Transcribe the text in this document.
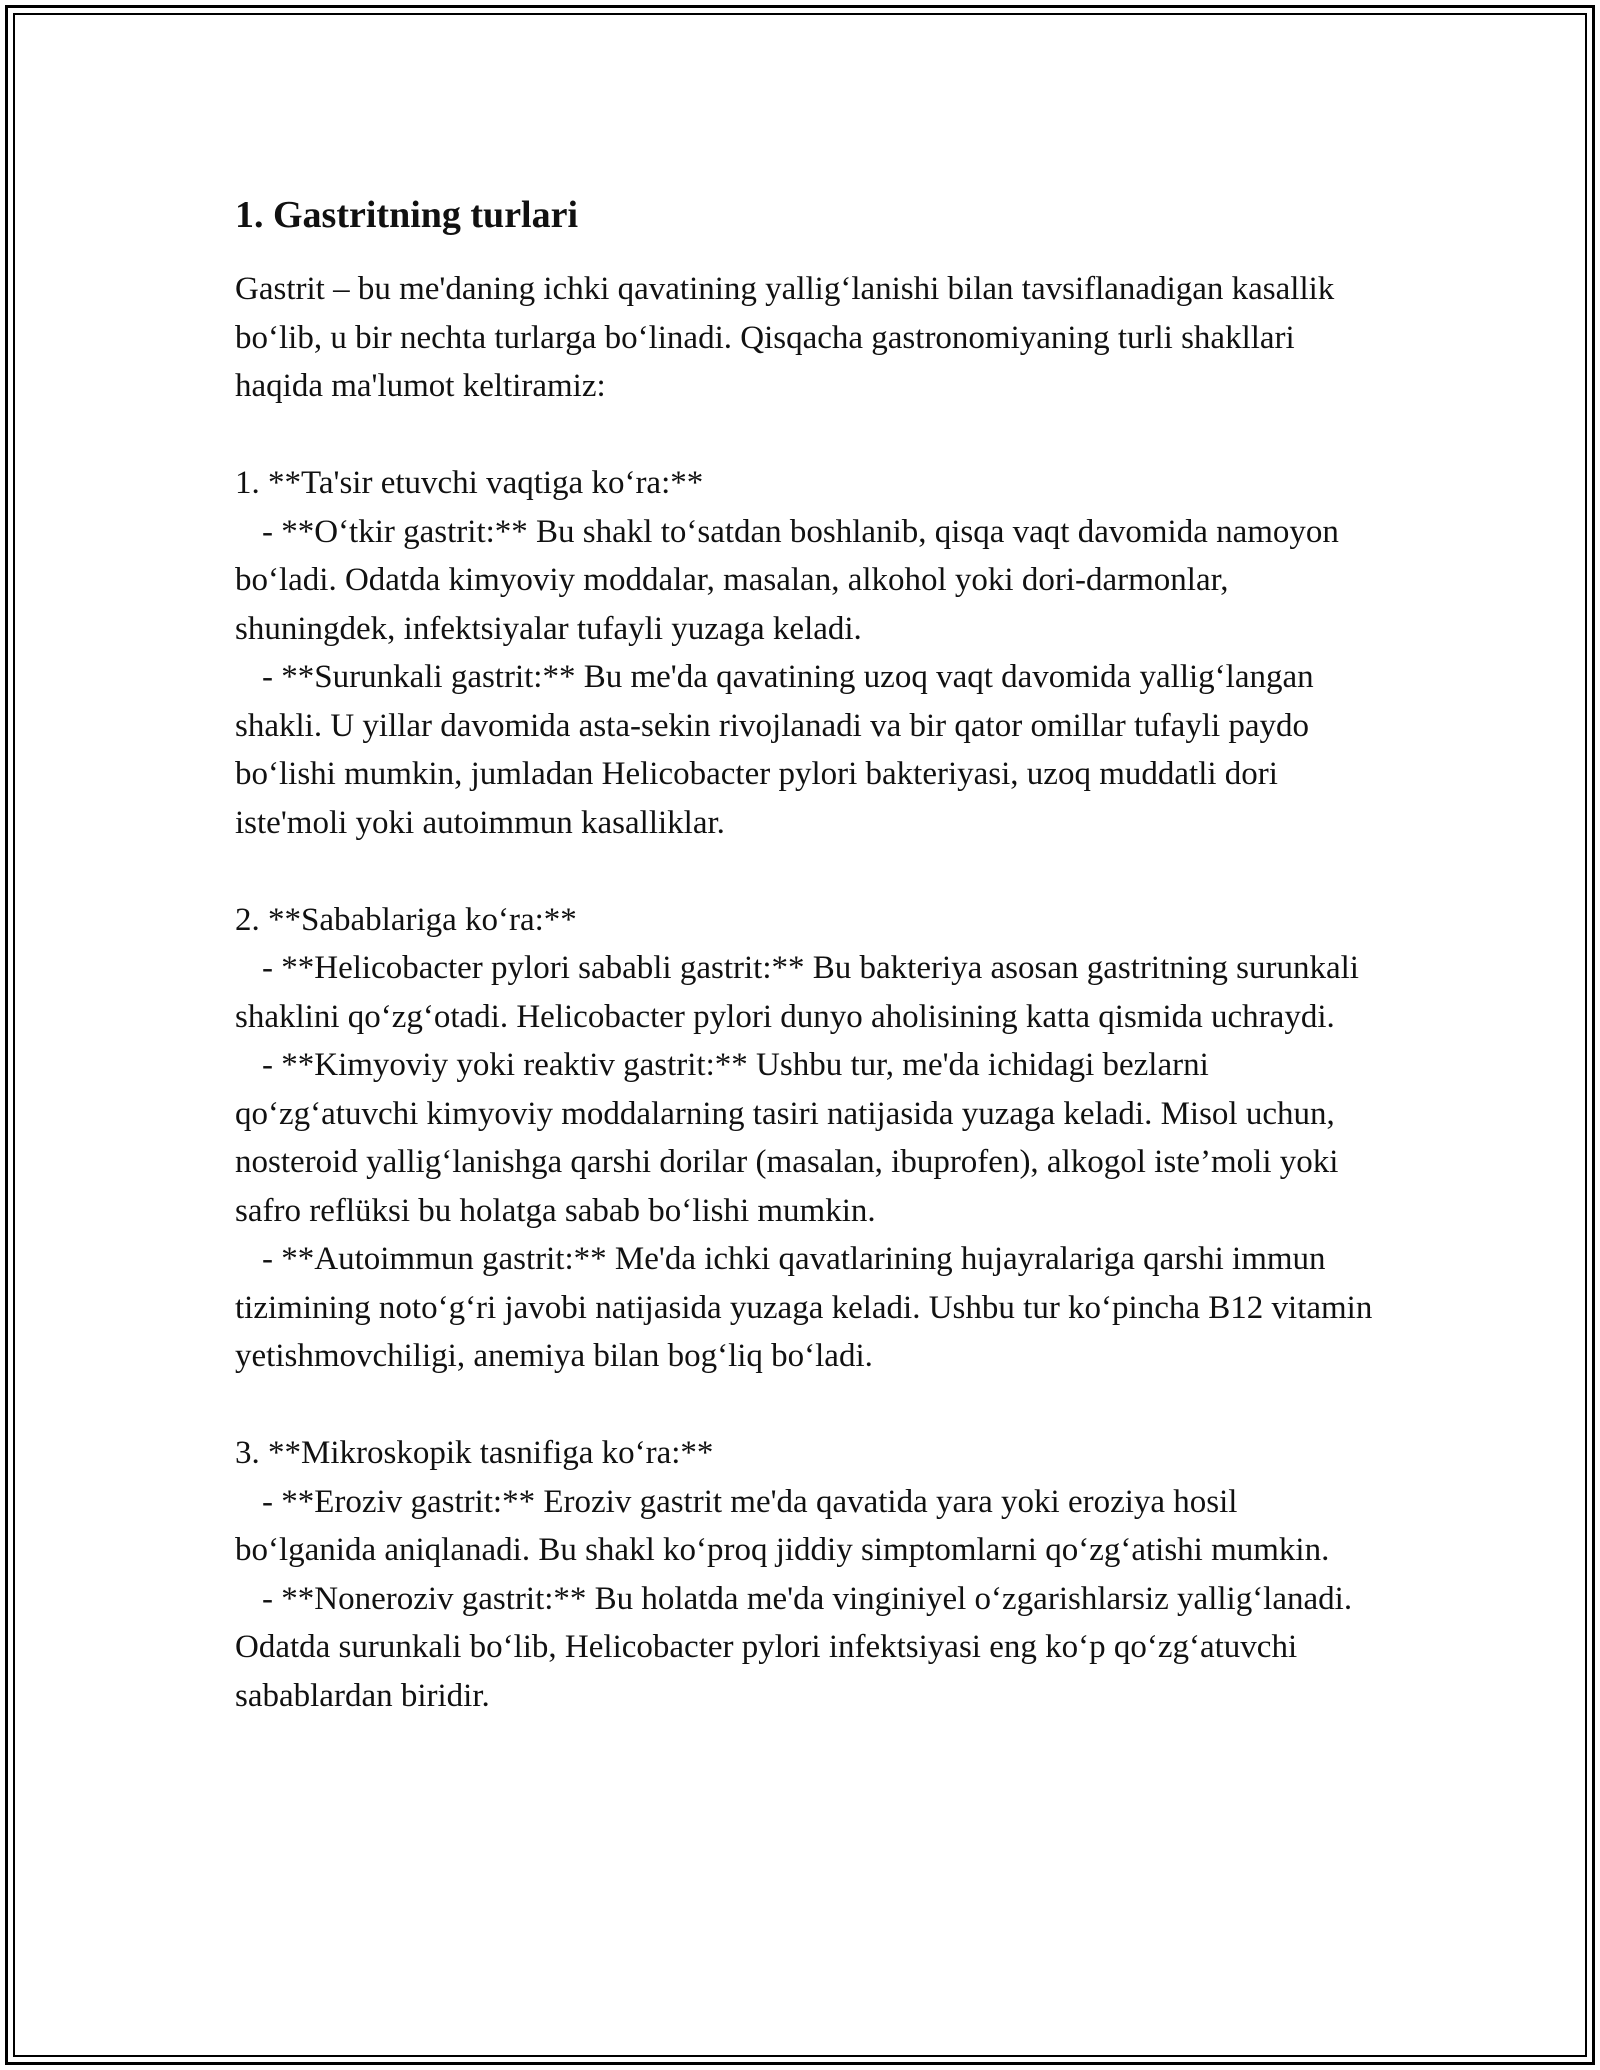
1. Gastritning turlari

Gastrit – bu me'daning ichki qavatining yallig‘lanishi bilan tavsiflanadigan kasallik bo‘lib, u bir nechta turlarga bo‘linadi. Qisqacha gastronomiyaning turli shakllari haqida ma'lumot keltiramiz:

1. **Ta'sir etuvchi vaqtiga ko‘ra:**

- **O‘tkir gastrit:** Bu shakl to‘satdan boshlanib, qisqa vaqt davomida namoyon bo‘ladi. Odatda kimyoviy moddalar, masalan, alkohol yoki dori-darmonlar, shuningdek, infektsiyalar tufayli yuzaga keladi.

- **Surunkali gastrit:** Bu me'da qavatining uzoq vaqt davomida yallig‘langan shakli. U yillar davomida asta-sekin rivojlanadi va bir qator omillar tufayli paydo bo‘lishi mumkin, jumladan Helicobacter pylori bakteriyasi, uzoq muddatli dori iste'moli yoki autoimmun kasalliklar.

2. **Sabablariga ko‘ra:**

- **Helicobacter pylori sababli gastrit:** Bu bakteriya asosan gastritning surunkali shaklini qo‘zg‘otadi. Helicobacter pylori dunyo aholisining katta qismida uchraydi.

- **Kimyoviy yoki reaktiv gastrit:** Ushbu tur, me'da ichidagi bezlarni qo‘zg‘atuvchi kimyoviy moddalarning tasiri natijasida yuzaga keladi. Misol uchun, nosteroid yallig‘lanishga qarshi dorilar (masalan, ibuprofen), alkogol iste’moli yoki safro reflüksi bu holatga sabab bo‘lishi mumkin.

- **Autoimmun gastrit:** Me'da ichki qavatlarining hujayralariga qarshi immun tizimining noto‘g‘ri javobi natijasida yuzaga keladi. Ushbu tur ko‘pincha B12 vitamin yetishmovchiligi, anemiya bilan bog‘liq bo‘ladi.

3. **Mikroskopik tasnifiga ko‘ra:**

- **Eroziv gastrit:** Eroziv gastrit me'da qavatida yara yoki eroziya hosil bo‘lganida aniqlanadi. Bu shakl ko‘proq jiddiy simptomlarni qo‘zg‘atishi mumkin.

- **Noneroziv gastrit:** Bu holatda me'da vinginiyel o‘zgarishlarsiz yallig‘lanadi. Odatda surunkali bo‘lib, Helicobacter pylori infektsiyasi eng ko‘p qo‘zg‘atuvchi sabablardan biridir.
